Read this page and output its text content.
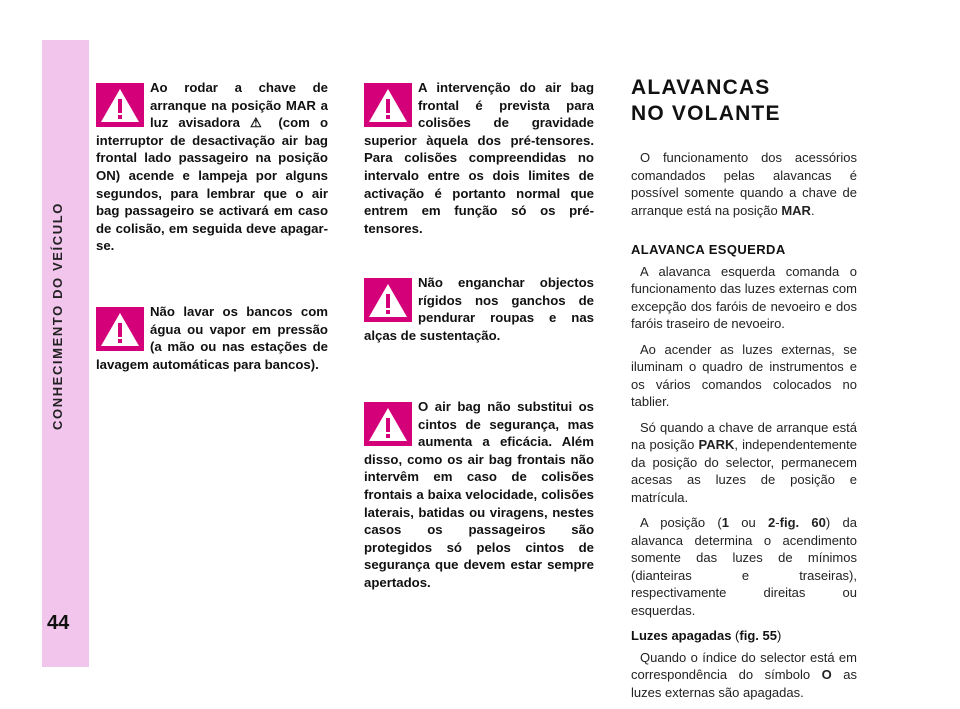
CONHECIMENTO DO VEÍCULO
44

Ao rodar a chave de arranque na posição MAR a luz avisadora ⚠ (com o interruptor de desactivação air bag frontal lado passageiro na posição ON) acende e lampeja por alguns segundos, para lembrar que o air bag passageiro se activará em caso de colisão, em seguida deve apagar-se.

Não lavar os bancos com água ou vapor em pressão (a mão ou nas estações de lavagem automáticas para bancos).

A intervenção do air bag frontal é prevista para colisões de gravidade superior àquela dos pré-tensores. Para colisões compreendidas no intervalo entre os dois limites de activação é portanto normal que entrem em função só os pré-tensores.

Não enganchar objectos rígidos nos ganchos de pendurar roupas e nas alças de sustentação.

O air bag não substitui os cintos de segurança, mas aumenta a eficácia. Além disso, como os air bag frontais não intervêm em caso de colisões frontais a baixa velocidade, colisões laterais, batidas ou viragens, nestes casos os passageiros são protegidos só pelos cintos de segurança que devem estar sempre apertados.

ALAVANCAS
NO VOLANTE

O funcionamento dos acessórios comandados pelas alavancas é possível somente quando a chave de arranque está na posição MAR.

ALAVANCA ESQUERDA

A alavanca esquerda comanda o funcionamento das luzes externas com excepção dos faróis de nevoeiro e dos faróis traseiro de nevoeiro.

Ao acender as luzes externas, se iluminam o quadro de instrumentos e os vários comandos colocados no tablier.

Só quando a chave de arranque está na posição PARK, independentemente da posição do selector, permanecem acesas as luzes de posição e matrícula.

A posição (1 ou 2-fig. 60) da alavanca determina o acendimento somente das luzes de mínimos (dianteiras e traseiras), respectivamente direitas ou esquerdas.

Luzes apagadas (fig. 55)

Quando o índice do selector está em correspondência do símbolo O as luzes externas são apagadas.
